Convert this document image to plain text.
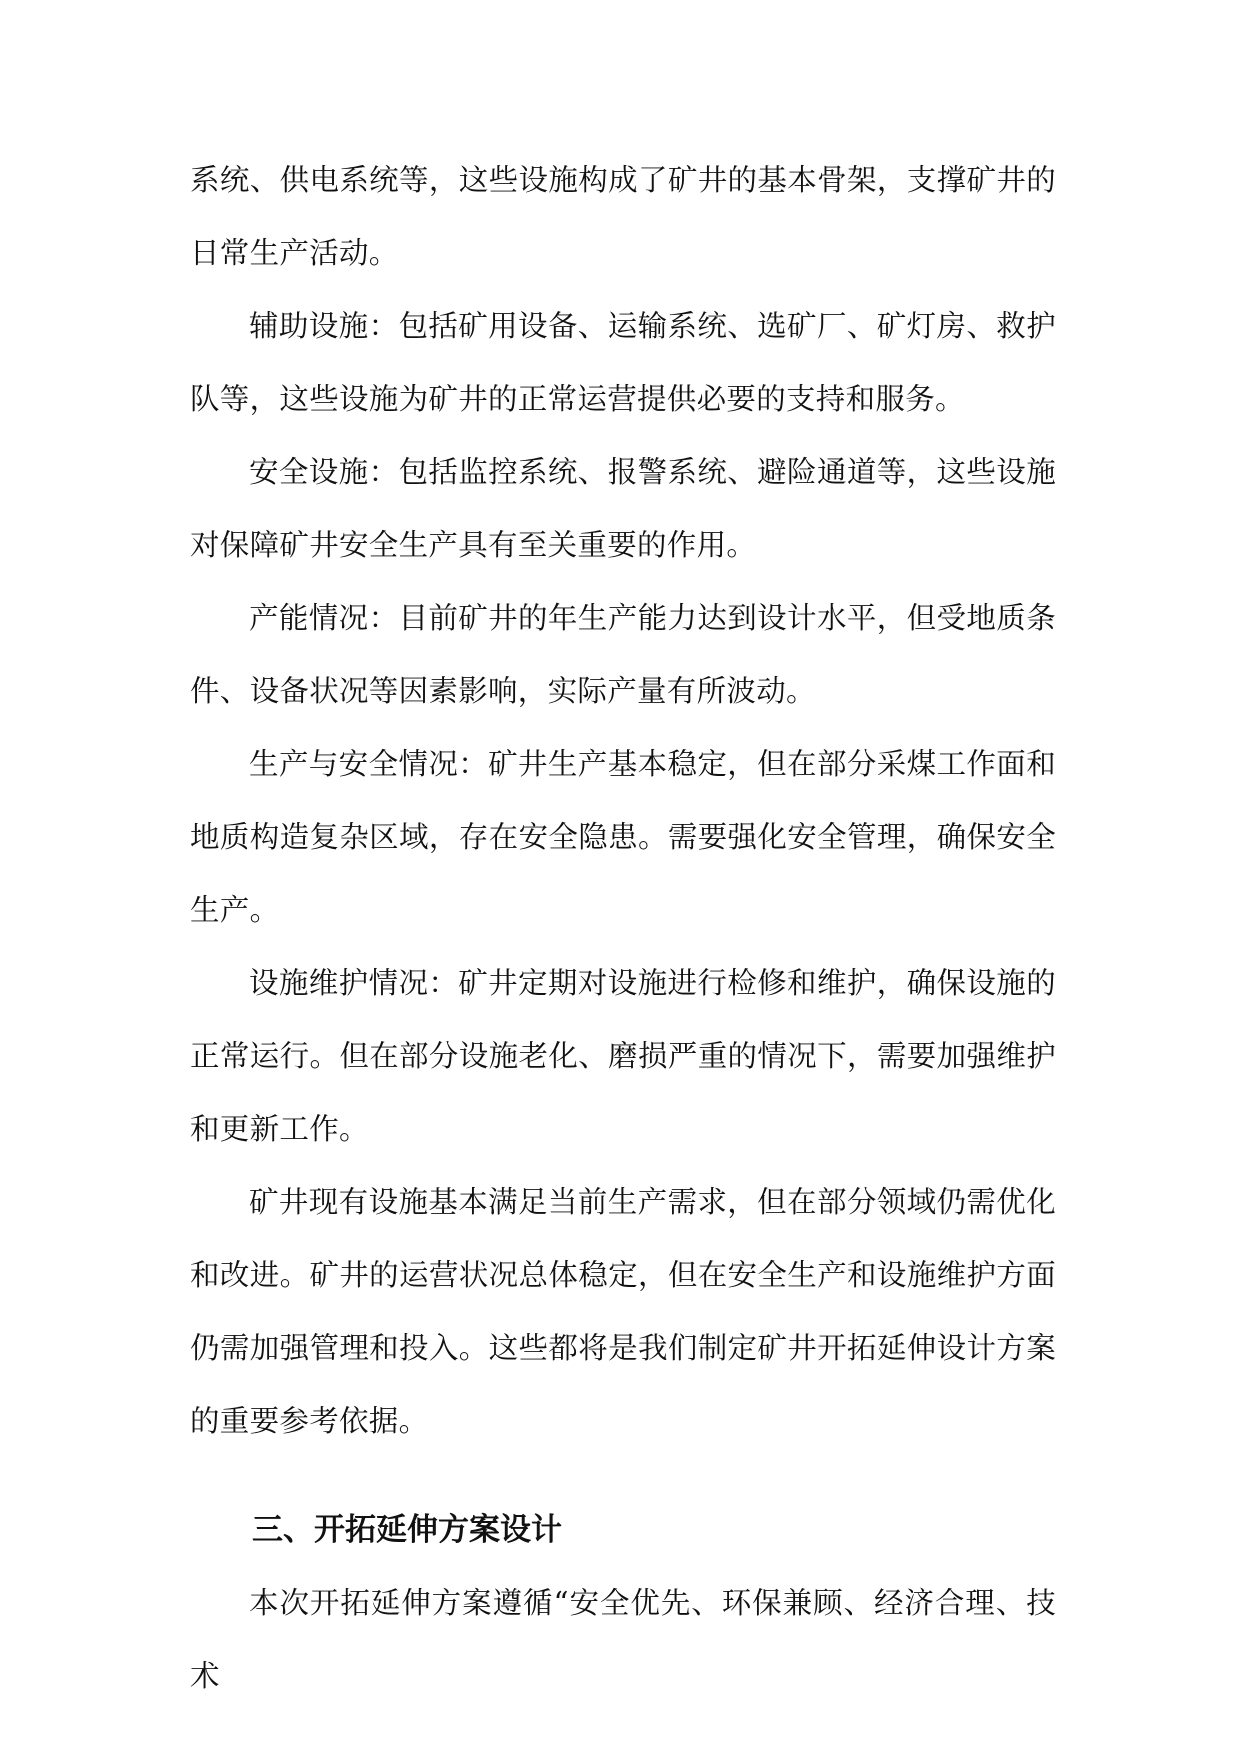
系统、供电系统等，这些设施构成了矿井的基本骨架，支撑矿井的日常生产活动。

辅助设施：包括矿用设备、运输系统、选矿厂、矿灯房、救护队等，这些设施为矿井的正常运营提供必要的支持和服务。

安全设施：包括监控系统、报警系统、避险通道等，这些设施对保障矿井安全生产具有至关重要的作用。

产能情况：目前矿井的年生产能力达到设计水平，但受地质条件、设备状况等因素影响，实际产量有所波动。

生产与安全情况：矿井生产基本稳定，但在部分采煤工作面和地质构造复杂区域，存在安全隐患。需要强化安全管理，确保安全生产。

设施维护情况：矿井定期对设施进行检修和维护，确保设施的正常运行。但在部分设施老化、磨损严重的情况下，需要加强维护和更新工作。

矿井现有设施基本满足当前生产需求，但在部分领域仍需优化和改进。矿井的运营状况总体稳定，但在安全生产和设施维护方面仍需加强管理和投入。这些都将是我们制定矿井开拓延伸设计方案的重要参考依据。

三、开拓延伸方案设计

本次开拓延伸方案遵循“安全优先、环保兼顾、经济合理、技术
